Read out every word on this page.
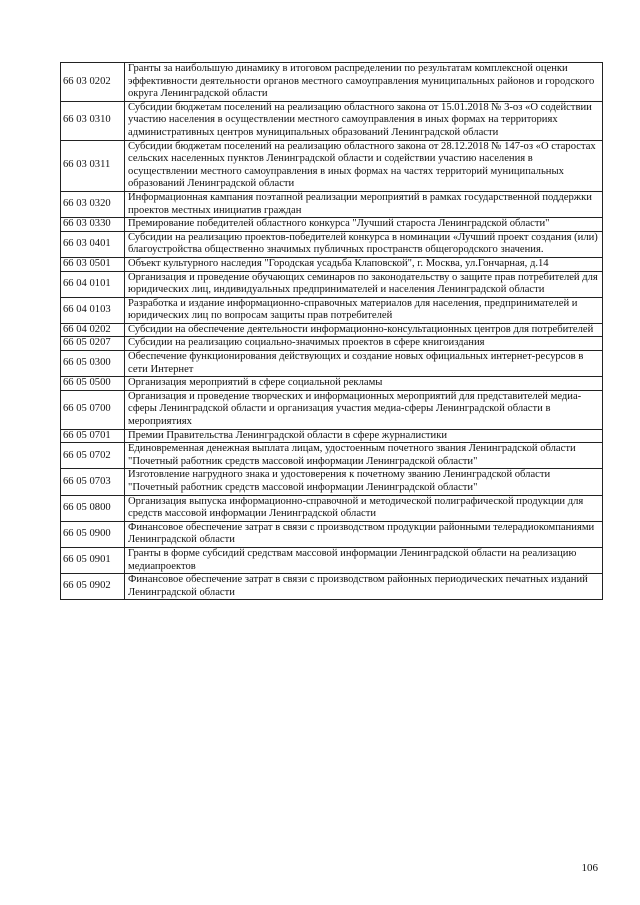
66 03 0202	Гранты за наибольшую динамику в итоговом распределении по результатам комплексной оценки эффективности деятельности органов местного самоуправления муниципальных районов и городского округа Ленинградской области
66 03 0310	Субсидии бюджетам поселений на реализацию областного закона от 15.01.2018 № 3-оз «О содействии участию населения в осуществлении местного самоуправления в иных формах на территориях административных центров муниципальных образований Ленинградской области
66 03 0311	Субсидии бюджетам поселений на реализацию областного закона от 28.12.2018 № 147-оз «О старостах сельских населенных пунктов Ленинградской области и содействии участию населения в осуществлении местного самоуправления в иных формах на частях территорий муниципальных образований Ленинградской области
66 03 0320	Информационная кампания поэтапной реализации мероприятий в рамках государственной поддержки проектов местных инициатив граждан
66 03 0330	Премирование победителей областного конкурса "Лучший староста Ленинградской области"
66 03 0401	Субсидии на реализацию проектов-победителей конкурса в номинации «Лучший проект создания (или) благоустройства общественно значимых публичных пространств общегородского значения.
66 03 0501	Объект культурного наследия "Городская усадьба Клаповской", г. Москва, ул.Гончарная, д.14
66 04 0101	Организация и проведение обучающих семинаров по законодательству о защите прав потребителей для юридических лиц, индивидуальных предпринимателей и населения Ленинградской области
66 04 0103	Разработка и издание информационно-справочных материалов для населения, предпринимателей и юридических лиц по вопросам защиты прав потребителей
66 04 0202	Субсидии на обеспечение деятельности информационно-консультационных центров для потребителей
66 05 0207	Субсидии на реализацию социально-значимых проектов в сфере книгоиздания
66 05 0300	Обеспечение функционирования действующих и создание новых официальных интернет-ресурсов в сети Интернет
66 05 0500	Организация мероприятий в сфере социальной рекламы
66 05 0700	Организация и проведение творческих и информационных мероприятий для представителей медиа-сферы Ленинградской области и организация участия медиа-сферы Ленинградской области в мероприятиях
66 05 0701	Премии Правительства Ленинградской области в сфере журналистики
66 05 0702	Единовременная денежная выплата лицам, удостоенным почетного звания Ленинградской области "Почетный работник средств массовой информации Ленинградской области"
66 05 0703	Изготовление нагрудного знака и удостоверения к почетному званию Ленинградской области "Почетный работник средств массовой информации Ленинградской области"
66 05 0800	Организация выпуска информационно-справочной и методической полиграфической продукции для средств массовой информации Ленинградской области
66 05 0900	Финансовое обеспечение затрат в связи с производством продукции районными телерадиокомпаниями Ленинградской области
66 05 0901	Гранты в форме субсидий средствам массовой информации Ленинградской области на реализацию медиапроектов
66 05 0902	Финансовое обеспечение затрат в связи с производством районных периодических печатных изданий Ленинградской области
106
